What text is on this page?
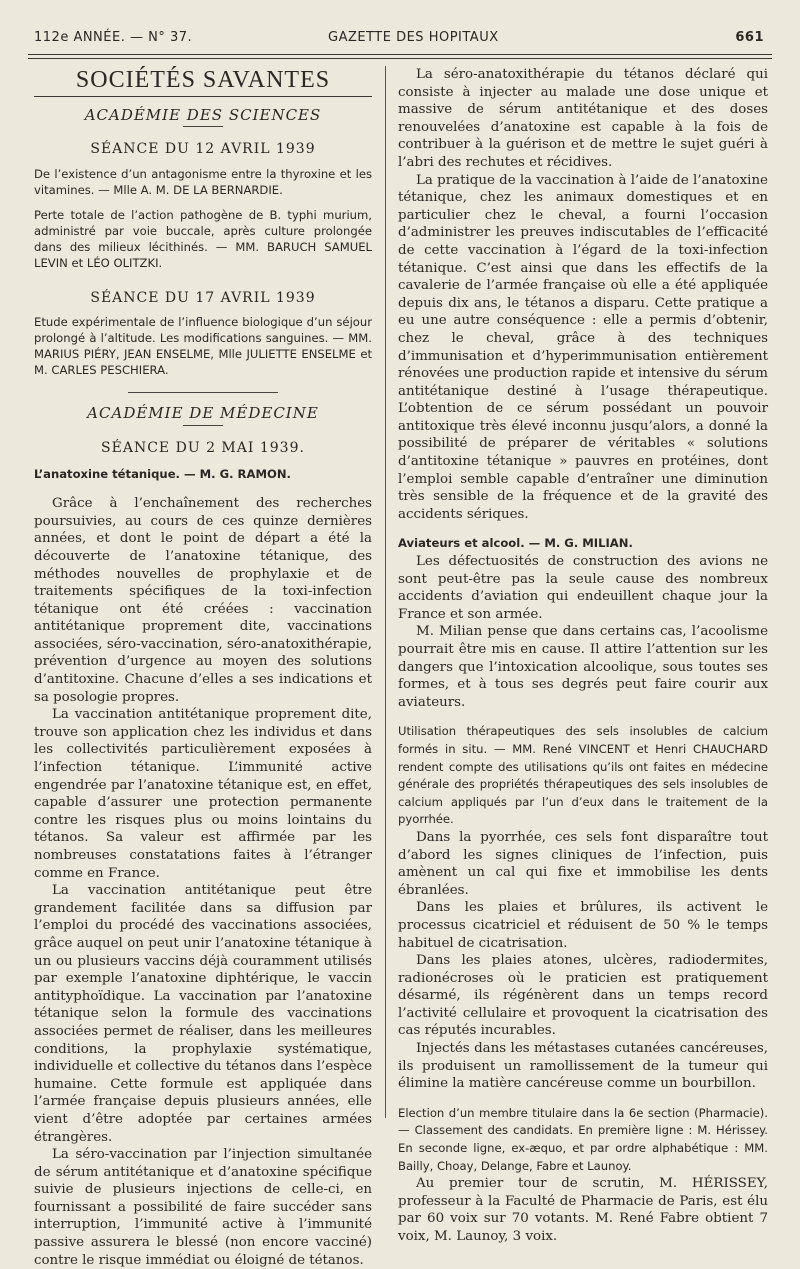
112e ANNÉE. — N° 37.	GAZETTE DES HOPITAUX	661
SOCIÉTÉS SAVANTES
ACADÉMIE DES SCIENCES
SÉANCE DU 12 AVRIL 1939
De l’existence d’un antagonisme entre la thyroxine et les vitamines. — Mlle A. M. DE LA BERNARDIE.
Perte totale de l’action pathogène de B. typhi murium, administré par voie buccale, après culture prolongée dans des milieux lécithinés. — MM. BARUCH SAMUEL LEVIN et LÉO OLITZKI.
SÉANCE DU 17 AVRIL 1939
Etude expérimentale de l’influence biologique d’un séjour prolongé à l’altitude. Les modifications sanguines. — MM. MARIUS PIÉRY, JEAN ENSELME, Mlle JULIETTE ENSELME et M. CARLES PESCHIERA.
ACADÉMIE DE MÉDECINE
SÉANCE DU 2 MAI 1939.
L’anatoxine tétanique. — M. G. RAMON.

Grâce à l’enchaînement des recherches poursuivies, au cours de ces quinze dernières années, et dont le point de départ a été la découverte de l’anatoxine tétanique, des méthodes nouvelles de prophylaxie et de traitements spécifiques de la toxi-infection tétanique ont été créées : vaccination antitétanique proprement dite, vaccinations associées, séro-vaccination, séro-anatoxithérapie, prévention d’urgence au moyen des solutions d’antitoxine. Chacune d’elles a ses indications et sa posologie propres.

La vaccination antitétanique proprement dite, trouve son application chez les individus et dans les collectivités particulièrement exposées à l’infection tétanique. L’immunité active engendrée par l’anatoxine tétanique est, en effet, capable d’assurer une protection permanente contre les risques plus ou moins lointains du tétanos. Sa valeur est affirmée par les nombreuses constatations faites à l’étranger comme en France.

La vaccination antitétanique peut être grandement facilitée dans sa diffusion par l’emploi du procédé des vaccinations associées, grâce auquel on peut unir l’anatoxine tétanique à un ou plusieurs vaccins déjà couramment utilisés par exemple l’anatoxine diphtérique, le vaccin antityphoïdique. La vaccination par l’anatoxine tétanique selon la formule des vaccinations associées permet de réaliser, dans les meilleures conditions, la prophylaxie systématique, individuelle et collective du tétanos dans l’espèce humaine. Cette formule est appliquée dans l’armée française depuis plusieurs années, elle vient d’être adoptée par certaines armées étrangères.

La séro-vaccination par l’injection simultanée de sérum antitétanique et d’anatoxine spécifique suivie de plusieurs injections de celle-ci, en fournissant a possibilité de faire succéder sans interruption, l’immunité active à l’immunité passive assurera le blessé (non encore vacciné) contre le risque immédiat ou éloigné de tétanos.

La séro-anatoxithérapie du tétanos déclaré qui consiste à injecter au malade une dose unique et massive de sérum antitétanique et des doses renouvelées d’anatoxine est capable à la fois de contribuer à la guérison et de mettre le sujet guéri à l’abri des rechutes et récidives.

La pratique de la vaccination à l’aide de l’anatoxine tétanique, chez les animaux domestiques et en particulier chez le cheval, a fourni l’occasion d’administrer les preuves indiscutables de l’efficacité de cette vaccination à l’égard de la toxi-infection tétanique. C’est ainsi que dans les effectifs de la cavalerie de l’armée française où elle a été appliquée depuis dix ans, le tétanos a disparu. Cette pratique a eu une autre conséquence : elle a permis d’obtenir, chez le cheval, grâce à des techniques d’immunisation et d’hyperimmunisation entièrement rénovées une production rapide et intensive du sérum antitétanique destiné à l’usage thérapeutique. L’obtention de ce sérum possédant un pouvoir antitoxique très élevé inconnu jusqu’alors, a donné la possibilité de préparer de véritables « solutions d’antitoxine tétanique » pauvres en protéines, dont l’emploi semble capable d’entraîner une diminution très sensible de la fréquence et de la gravité des accidents sériques.

Aviateurs et alcool. — M. G. MILIAN.

Les défectuosités de construction des avions ne sont peut-être pas la seule cause des nombreux accidents d’aviation qui endeuillent chaque jour la France et son armée.

M. Milian pense que dans certains cas, l’acoolisme pourrait être mis en cause. Il attire l’attention sur les dangers que l’intoxication alcoolique, sous toutes ses formes, et à tous ses degrés peut faire courir aux aviateurs.

Utilisation thérapeutiques des sels insolubles de calcium formés in situ. — MM. René VINCENT et Henri CHAUCHARD rendent compte des utilisations qu’ils ont faites en médecine générale des propriétés thérapeutiques des sels insolubles de calcium appliqués par l’un d’eux dans le traitement de la pyorrhée.

Dans la pyorrhée, ces sels font disparaître tout d’abord les signes cliniques de l’infection, puis amènent un cal qui fixe et immobilise les dents ébranlées.

Dans les plaies et brûlures, ils activent le processus cicatriciel et réduisent de 50 % le temps habituel de cicatrisation.

Dans les plaies atones, ulcères, radiodermites, radionécroses où le praticien est pratiquement désarmé, ils régénèrent dans un temps record l’activité cellulaire et provoquent la cicatrisation des cas réputés incurables.

Injectés dans les métastases cutanées cancéreuses, ils produisent un ramollissement de la tumeur qui élimine la matière cancéreuse comme un bourbillon.

Election d’un membre titulaire dans la 6e section (Pharmacie). — Classement des candidats. En première ligne : M. Hérissey. En seconde ligne, ex-æquo, et par ordre alphabétique : MM. Bailly, Choay, Delange, Fabre et Launoy.

Au premier tour de scrutin, M. HÉRISSEY, professeur à la Faculté de Pharmacie de Paris, est élu par 60 voix sur 70 votants. M. René Fabre obtient 7 voix, M. Launoy, 3 voix.
